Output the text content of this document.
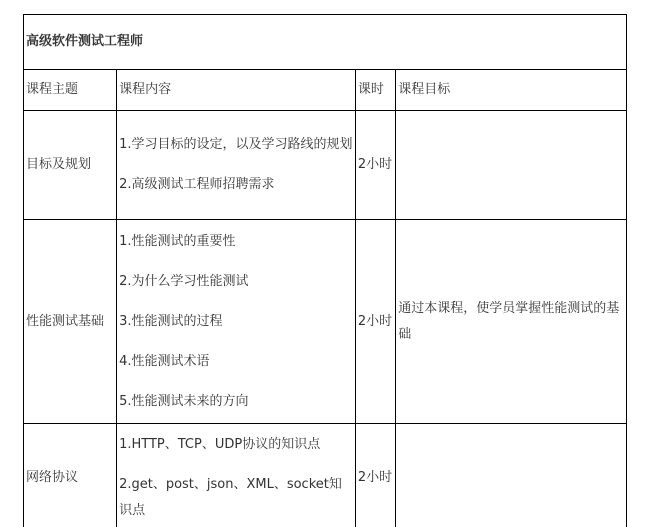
高级软件测试工程师			
课程主题	课程内容	课时	课程目标
目标及规划	1.学习目标的设定，以及学习路线的规划

2.高级测试工程师招聘需求	2小时	
性能测试基础	1.性能测试的重要性

2.为什么学习性能测试

3.性能测试的过程

4.性能测试术语

5.性能测试未来的方向	2小时	通过本课程，使学员掌握性能测试的基础
网络协议	1.HTTP、TCP、UDP协议的知识点

2.get、post、json、XML、socket知识点	2小时	
